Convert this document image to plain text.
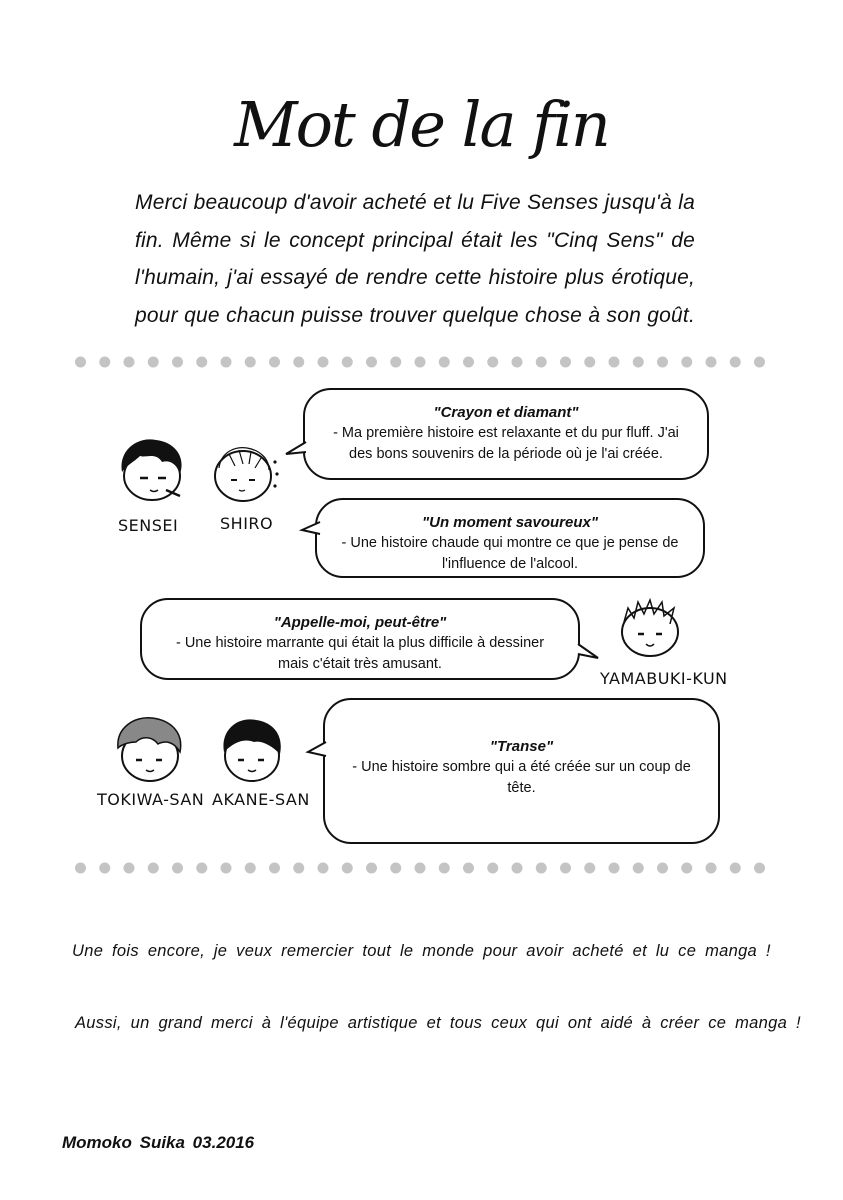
Mot de la fin

Merci beaucoup d'avoir acheté et lu Five Senses jusqu'à la fin. Même si le concept principal était les "Cinq Sens" de l'humain, j'ai essayé de rendre cette histoire plus érotique, pour que chacun puisse trouver quelque chose à son goût.

"Crayon et diamant"
- Ma première histoire est relaxante et du pur fluff. J'ai
des bons souvenirs de la période où je l'ai créée.
"Un moment savoureux"
- Une histoire chaude qui montre ce que je pense de
l'influence de l'alcool.
"Appelle-moi, peut-être"
- Une histoire marrante qui était la plus difficile à dessiner
mais c'était très amusant.
"Transe"
- Une histoire sombre qui a été créée sur un coup de
tête.
SENSEI	SHIRO
YAMABUKI-KUN
TOKIWA-SAN AKANE-SAN
Une fois encore, je veux remercier tout le monde pour avoir acheté et lu ce manga !
Aussi, un grand merci à l'équipe artistique et tous ceux qui ont aidé à créer ce manga !
Momoko Suika 03.2016
